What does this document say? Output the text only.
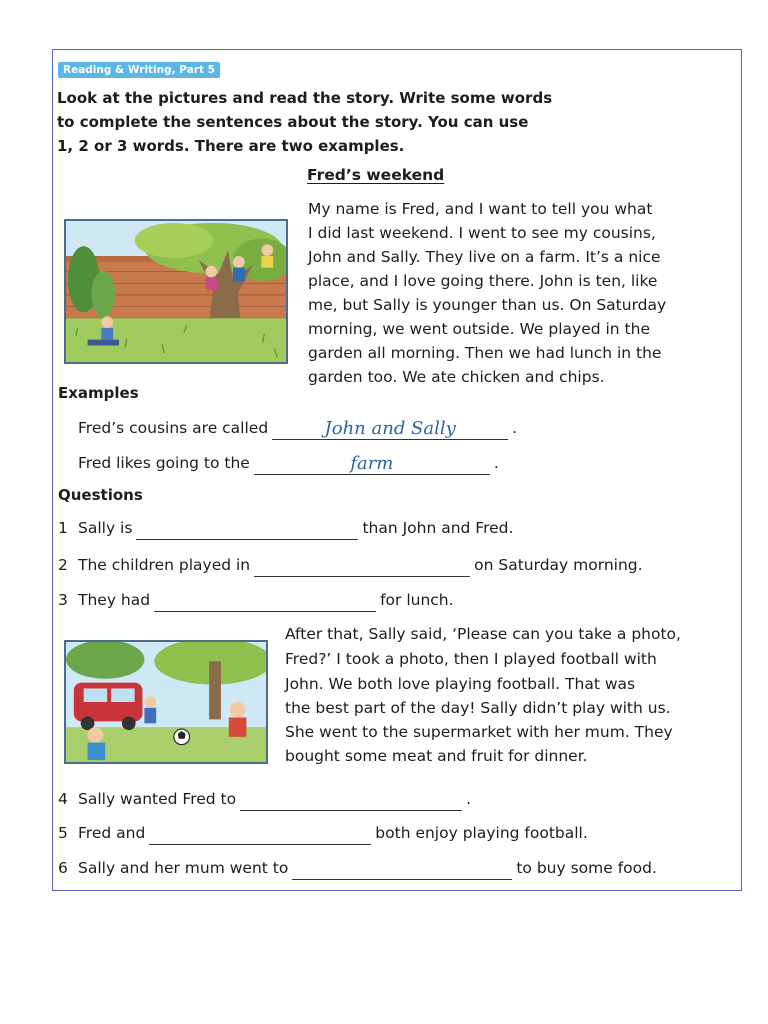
Reading & Writing, Part 5
Look at the pictures and read the story. Write some words
to complete the sentences about the story. You can use
1, 2 or 3 words. There are two examples.
Fred’s weekend
My name is Fred, and I want to tell you what
I did last weekend. I went to see my cousins,
John and Sally. They live on a farm. It’s a nice
place, and I love going there. John is ten, like
me, but Sally is younger than us. On Saturday
morning, we went outside. We played in the
garden all morning. Then we had lunch in the
garden too. We ate chicken and chips.
Examples
Fred’s cousins are called	John and Sally	.
Fred likes going to the	farm	.
Questions
1 Sally is	than John and Fred.
2 The children played in	on Saturday morning.
3 They had	for lunch.
After that, Sally said, ‘Please can you take a photo,
Fred?’ I took a photo, then I played football with
John. We both love playing football. That was
the best part of the day! Sally didn’t play with us.
She went to the supermarket with her mum. They
bought some meat and fruit for dinner.
4 Sally wanted Fred to	.
5 Fred and	both enjoy playing football.
6 Sally and her mum went to	to buy some food.
